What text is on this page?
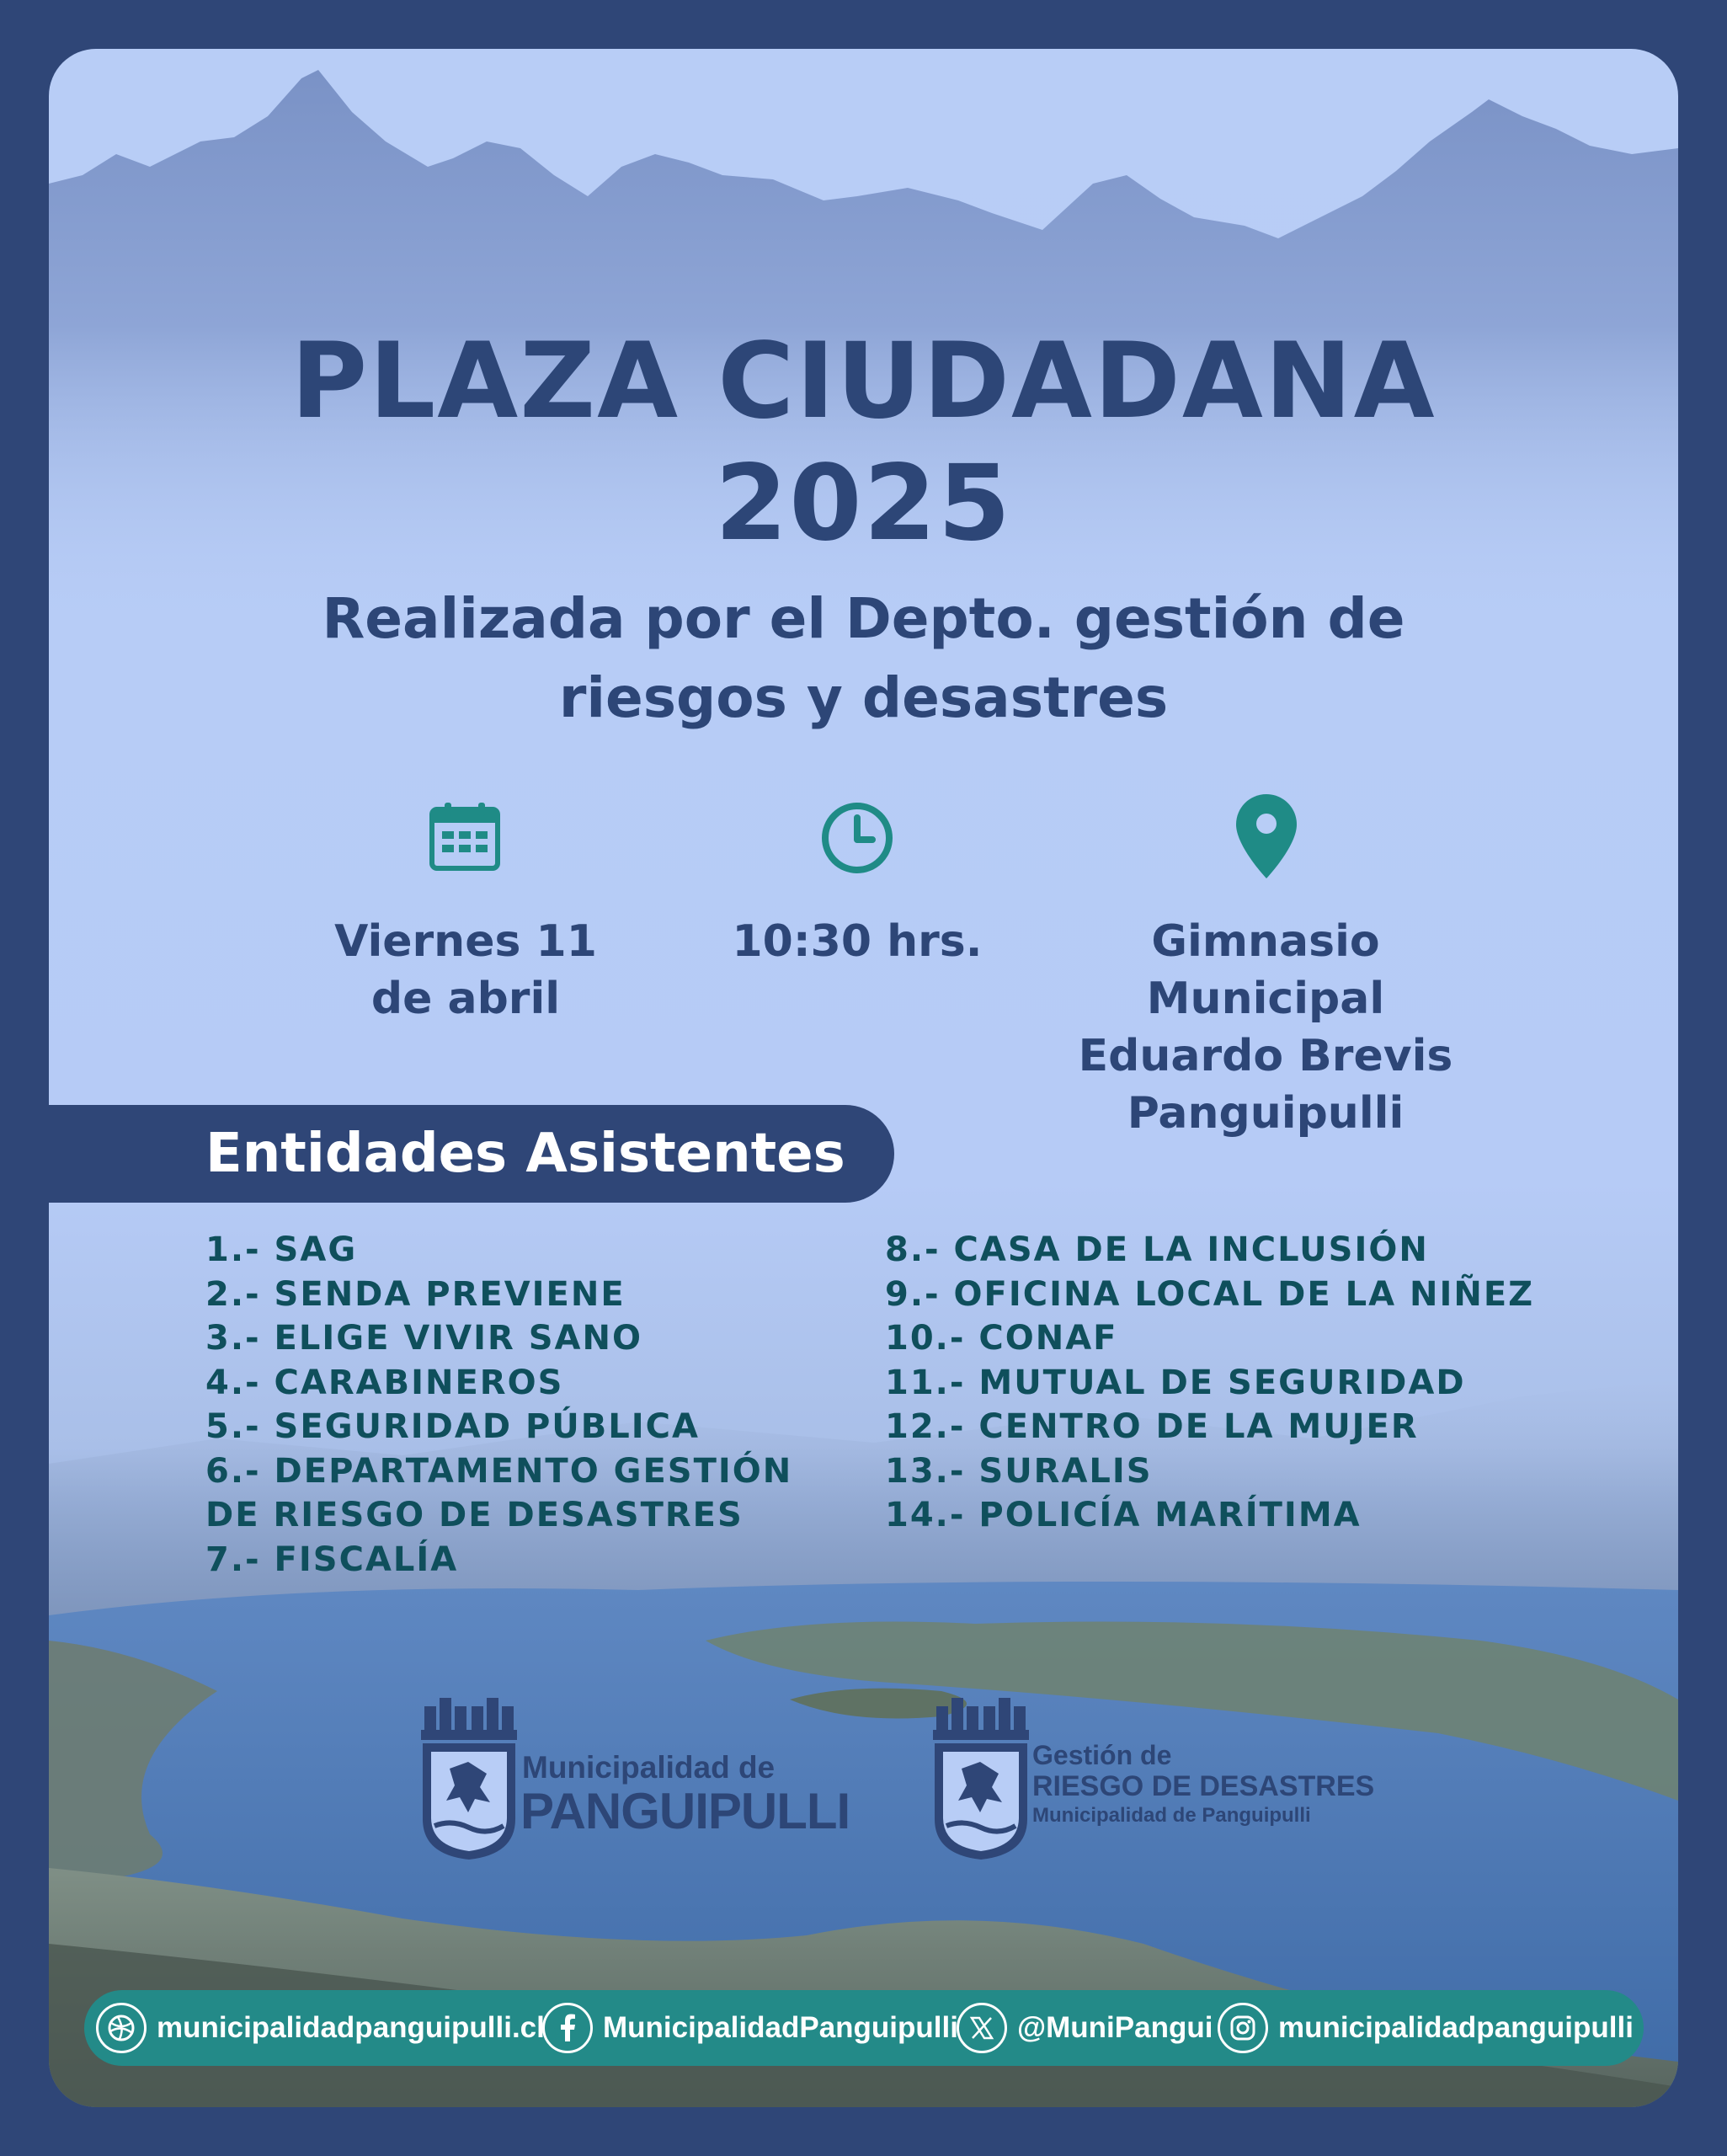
PLAZA CIUDADANA
2025
Realizada por el Depto. gestión de
riesgos y desastres
Viernes 11
de abril
10:30 hrs.	Gimnasio
Municipal
Eduardo Brevis
Panguipulli
Entidades Asistentes
1.- SAG
2.- SENDA PREVIENE
3.- ELIGE VIVIR SANO
4.- CARABINEROS
5.- SEGURIDAD PÚBLICA
6.- DEPARTAMENTO GESTIÓN
DE RIESGO DE DESASTRES
7.- FISCALÍA
8.- CASA DE LA INCLUSIÓN
9.- OFICINA LOCAL DE LA NIÑEZ
10.- CONAF
11.- MUTUAL DE SEGURIDAD
12.- CENTRO DE LA MUJER
13.- SURALIS
14.- POLICÍA MARÍTIMA
Municipalidad de
PANGUIPULLI
Gestión de
RIESGO DE DESASTRES
Municipalidad de Panguipulli
municipalidadpanguipulli.cl MunicipalidadPanguipulli @MuniPangui municipalidadpanguipulli
